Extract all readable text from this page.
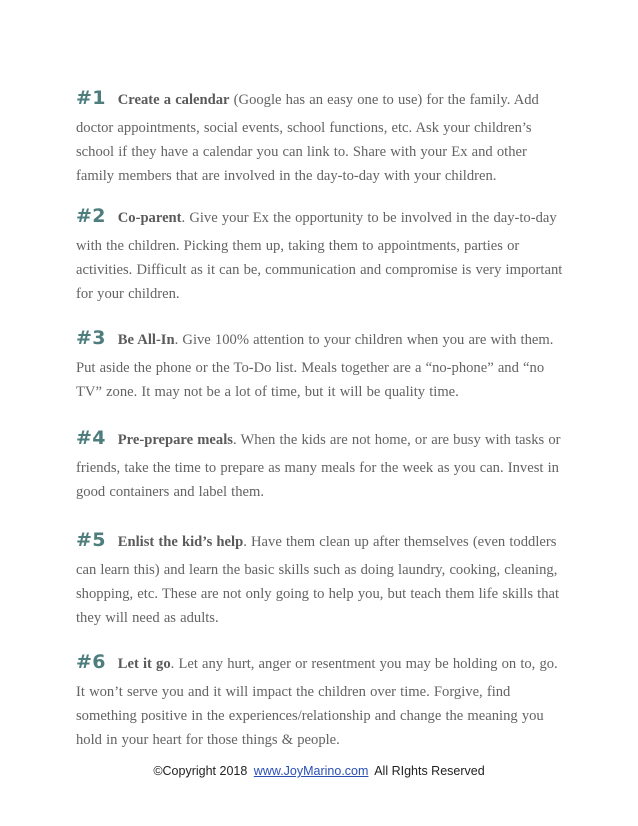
#1 Create a calendar (Google has an easy one to use) for the family. Add
doctor appointments, social events, school functions, etc. Ask your children’s
school if they have a calendar you can link to. Share with your Ex and other
family members that are involved in the day-to-day with your children.
#2 Co-parent. Give your Ex the opportunity to be involved in the day-to-day
with the children. Picking them up, taking them to appointments, parties or
activities. Difficult as it can be, communication and compromise is very important
for your children.
#3 Be All-In. Give 100% attention to your children when you are with them.
Put aside the phone or the To-Do list. Meals together are a “no-phone” and “no
TV” zone. It may not be a lot of time, but it will be quality time.
#4 Pre-prepare meals. When the kids are not home, or are busy with tasks or
friends, take the time to prepare as many meals for the week as you can. Invest in
good containers and label them.
#5 Enlist the kid’s help. Have them clean up after themselves (even toddlers
can learn this) and learn the basic skills such as doing laundry, cooking, cleaning,
shopping, etc. These are not only going to help you, but teach them life skills that
they will need as adults.
#6 Let it go. Let any hurt, anger or resentment you may be holding on to, go.
It won’t serve you and it will impact the children over time. Forgive, find
something positive in the experiences/relationship and change the meaning you
hold in your heart for those things & people.
©Copyright 2018 www.JoyMarino.com All RIghts Reserved
